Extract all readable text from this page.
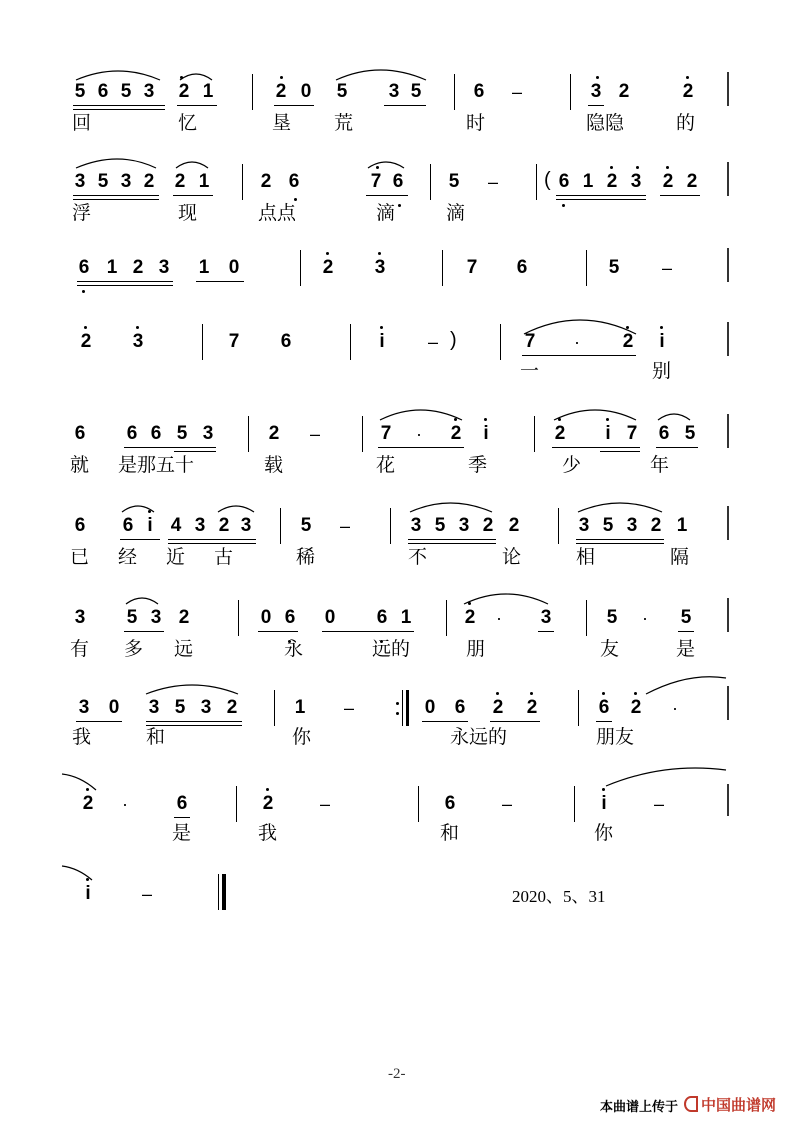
5 6 5 3 2 1	2 0 5 3 5	6 –	3 2	2
回	忆	垦 荒	时	隐隐	的
3 5 3 2 2 1	2 6	7 6 5 – ( 6 1 2 3 2 2
浮	现	点点	滴	滴
6 1 2 3 1 0	2 3	7 6	5 –
2 3	7 6	i – )	7 · 2 i
一	别
6 6 6 5 3	2 –	7 · 2 i	2 i 7 6 5
就 是那五十	载	花	季	少	年
6 6 i 4 3 2 3	5 –	3 5 3 2 2	3 5 3 2 1
已 经 近 古	稀	不	论	相	隔
3 5 3 2	0 6 0 6 1	2 · 3	5 · 5
有 多 远	永	远的	朋	友	是
3 0 3 5 3 2	1 –	0 6 2 2	6 2 ·
我	和	你	永远的	朋友
2 ·	6	2	–	6	–	i	–
是	我	和	你
i	–	2020、5、31
-2-
本曲谱上传于	中国曲谱网
